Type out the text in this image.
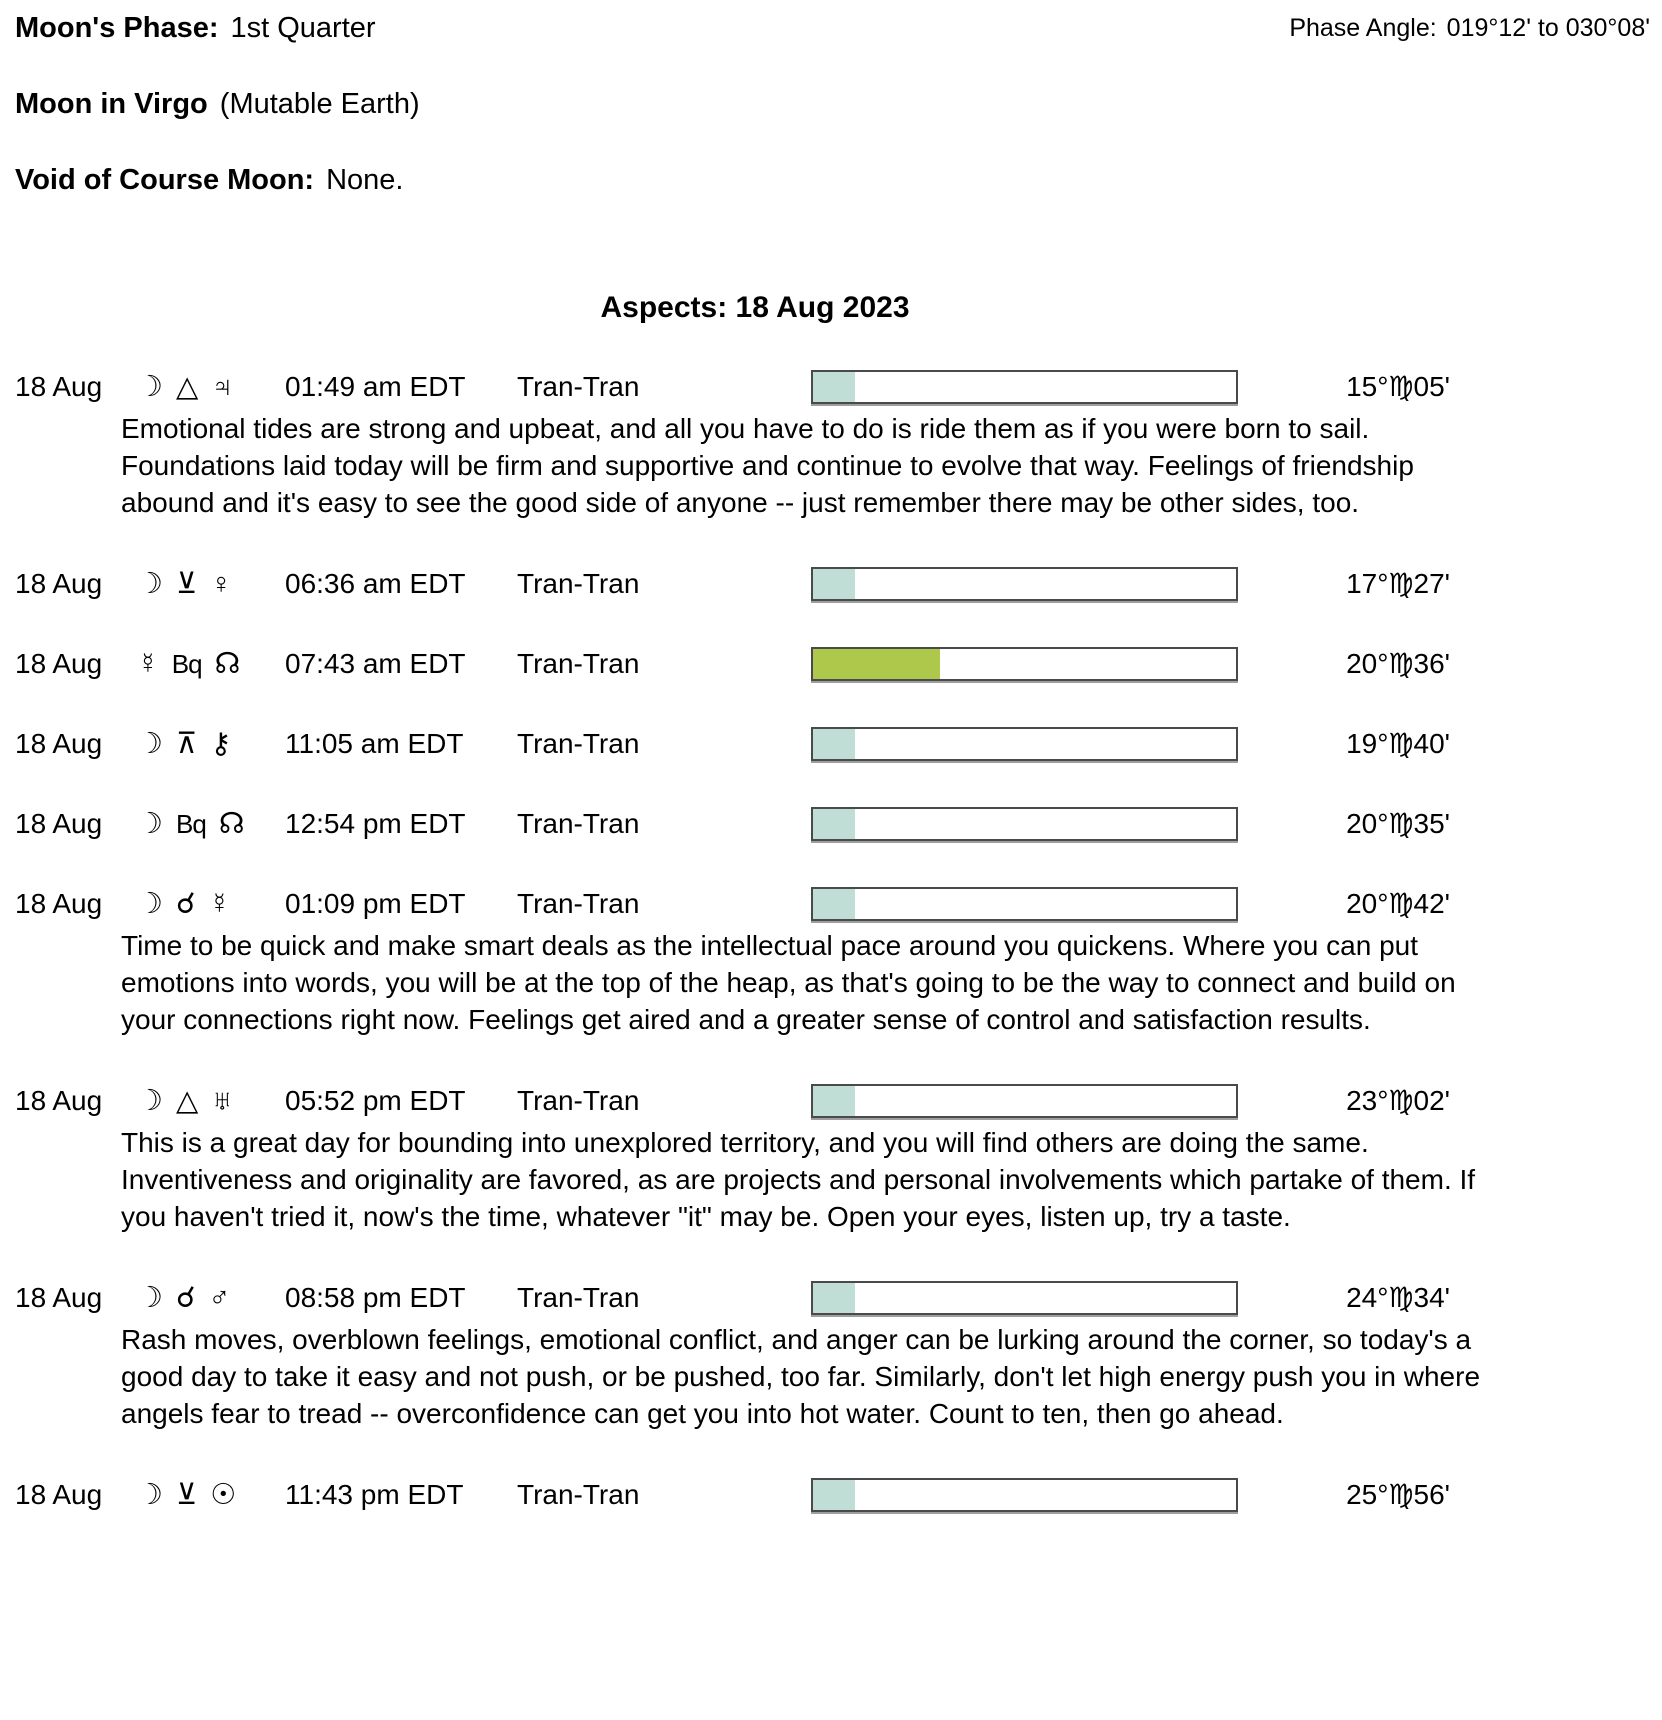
Phase Angle: 019°12' to 030°08'
Moon's Phase: 1st Quarter
Moon in Virgo (Mutable Earth)
Void of Course Moon: None.
Aspects: 18 Aug 2023
18 Aug	☽ △ ♃ 01:49 am EDT	Tran-Tran	15°♍05'

Emotional tides are strong and upbeat, and all you have to do is ride them as if you were born to sail. Foundations laid today will be firm and supportive and continue to evolve that way. Feelings of friendship abound and it's easy to see the good side of anyone -- just remember there may be other sides, too.

18 Aug	☽ ⊻ ♀ 06:36 am EDT	Tran-Tran	17°♍27'
18 Aug	☿ Bq ☊ 07:43 am EDT	Tran-Tran	20°♍36'
18 Aug	☽ ⊼ ⚷ 11:05 am EDT	Tran-Tran	19°♍40'
18 Aug	☽ Bq ☊ 12:54 pm EDT	Tran-Tran	20°♍35'
18 Aug	☽ ☌ ☿ 01:09 pm EDT	Tran-Tran	20°♍42'

Time to be quick and make smart deals as the intellectual pace around you quickens. Where you can put emotions into words, you will be at the top of the heap, as that's going to be the way to connect and build on your connections right now. Feelings get aired and a greater sense of control and satisfaction results.

18 Aug	☽ △ ♅ 05:52 pm EDT	Tran-Tran	23°♍02'

This is a great day for bounding into unexplored territory, and you will find others are doing the same. Inventiveness and originality are favored, as are projects and personal involvements which partake of them. If you haven't tried it, now's the time, whatever "it" may be. Open your eyes, listen up, try a taste.

18 Aug	☽ ☌ ♂ 08:58 pm EDT	Tran-Tran	24°♍34'

Rash moves, overblown feelings, emotional conflict, and anger can be lurking around the corner, so today's a good day to take it easy and not push, or be pushed, too far. Similarly, don't let high energy push you in where angels fear to tread -- overconfidence can get you into hot water. Count to ten, then go ahead.

18 Aug	☽ ⊻ ☉ 11:43 pm EDT	Tran-Tran	25°♍56'
